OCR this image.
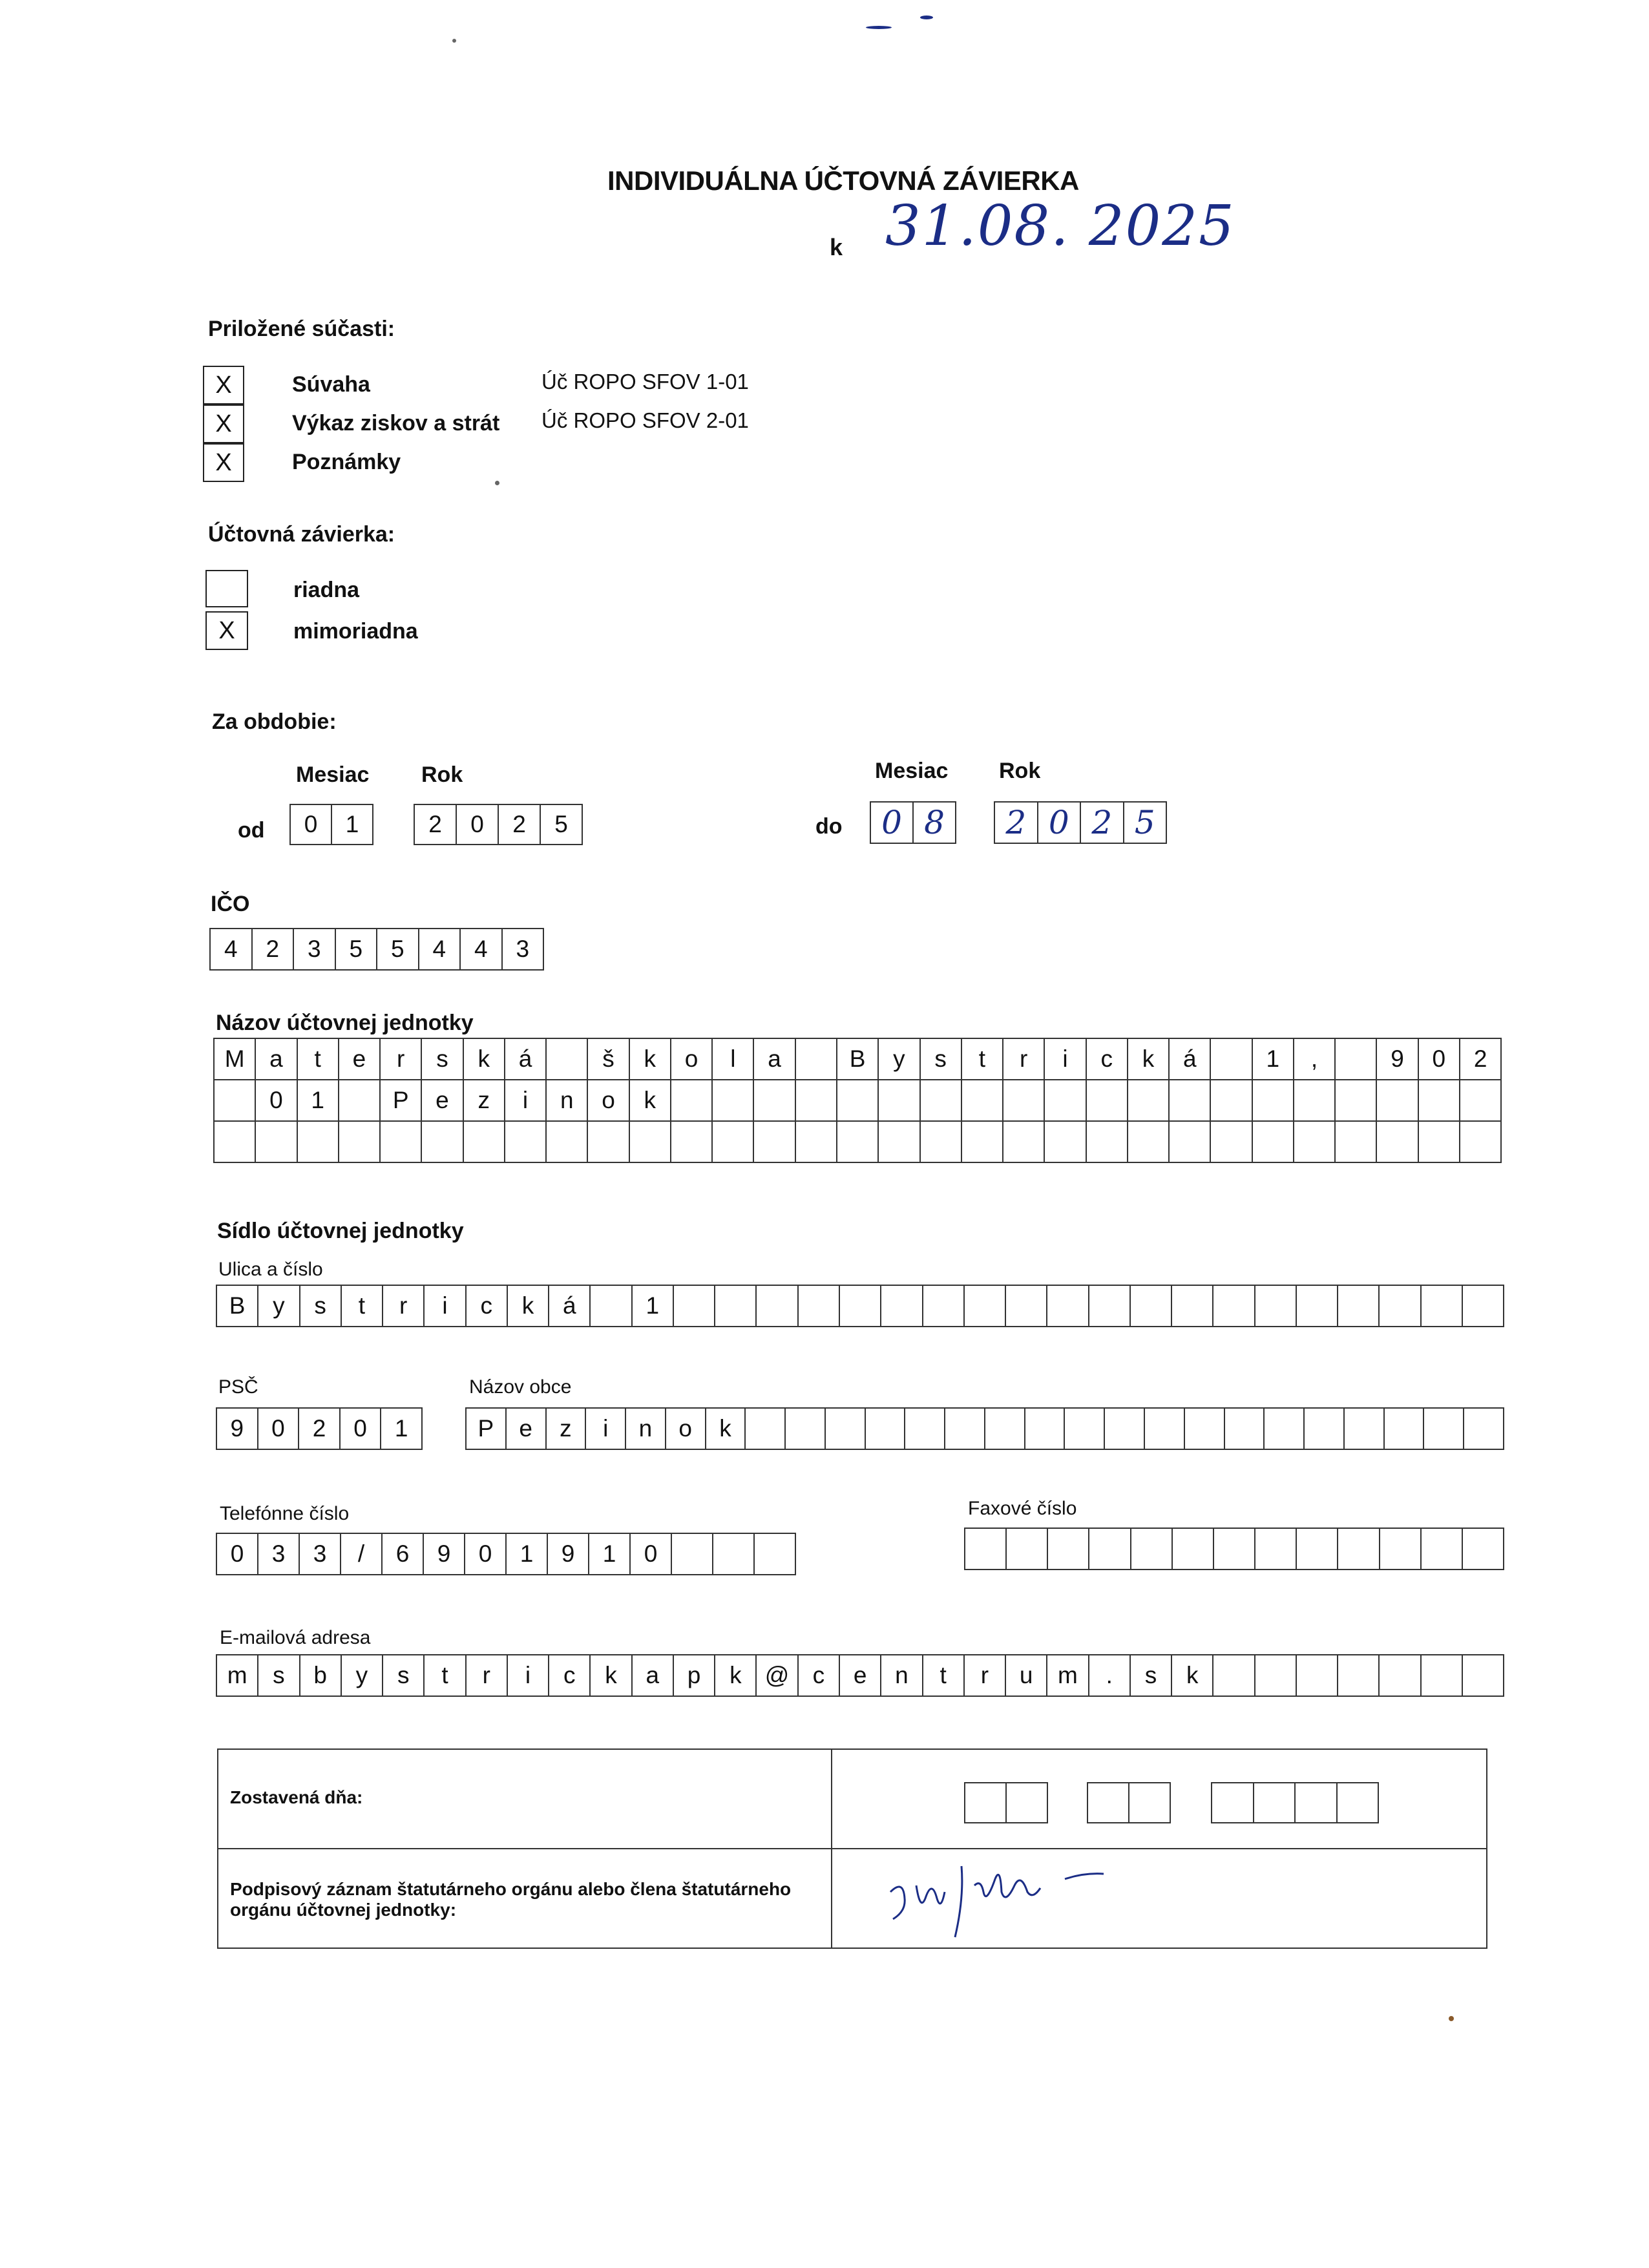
INDIVIDUÁLNA ÚČTOVNÁ ZÁVIERKA
k 31.08. 2025
Priložené súčasti:
X	Súvaha	Úč ROPO SFOV 1-01
X	Výkaz ziskov a strát Úč ROPO SFOV 2-01
X	Poznámky
Účtovná závierka:
riadna
X	mimoriadna
Za obdobie:
Mesiac Rok	Mesiac Rok
od	do
0	1	2	0	2	5	0 8	2 0 2 5
IČO
4	2	3	5	5	4	4	3
Názov účtovnej jednotky
M	a	t	e	r	s	k	á	š	k	o	l	a	B	y	s	t	r	i	c	k	á	1	,	9	0	2
0	1	P	e	z	i	n	o	k
Sídlo účtovnej jednotky
Ulica a číslo
B	y	s	t	r	i	c	k	á	1
PSČ
9	0	2	0	1
Názov obce
P	e	z	i	n	o	k
Telefónne číslo
0	3	3	/	6	9	0	1	9	1	0
Faxové číslo
E-mailová adresa
m	s	b	y	s	t	r	i	c	k	a	p	k @ c	e	n	t	r	u	m	.	s	k
Zostavená dňa:
Podpisový záznam štatutárneho orgánu alebo člena štatutárneho orgánu účtovnej jednotky:
